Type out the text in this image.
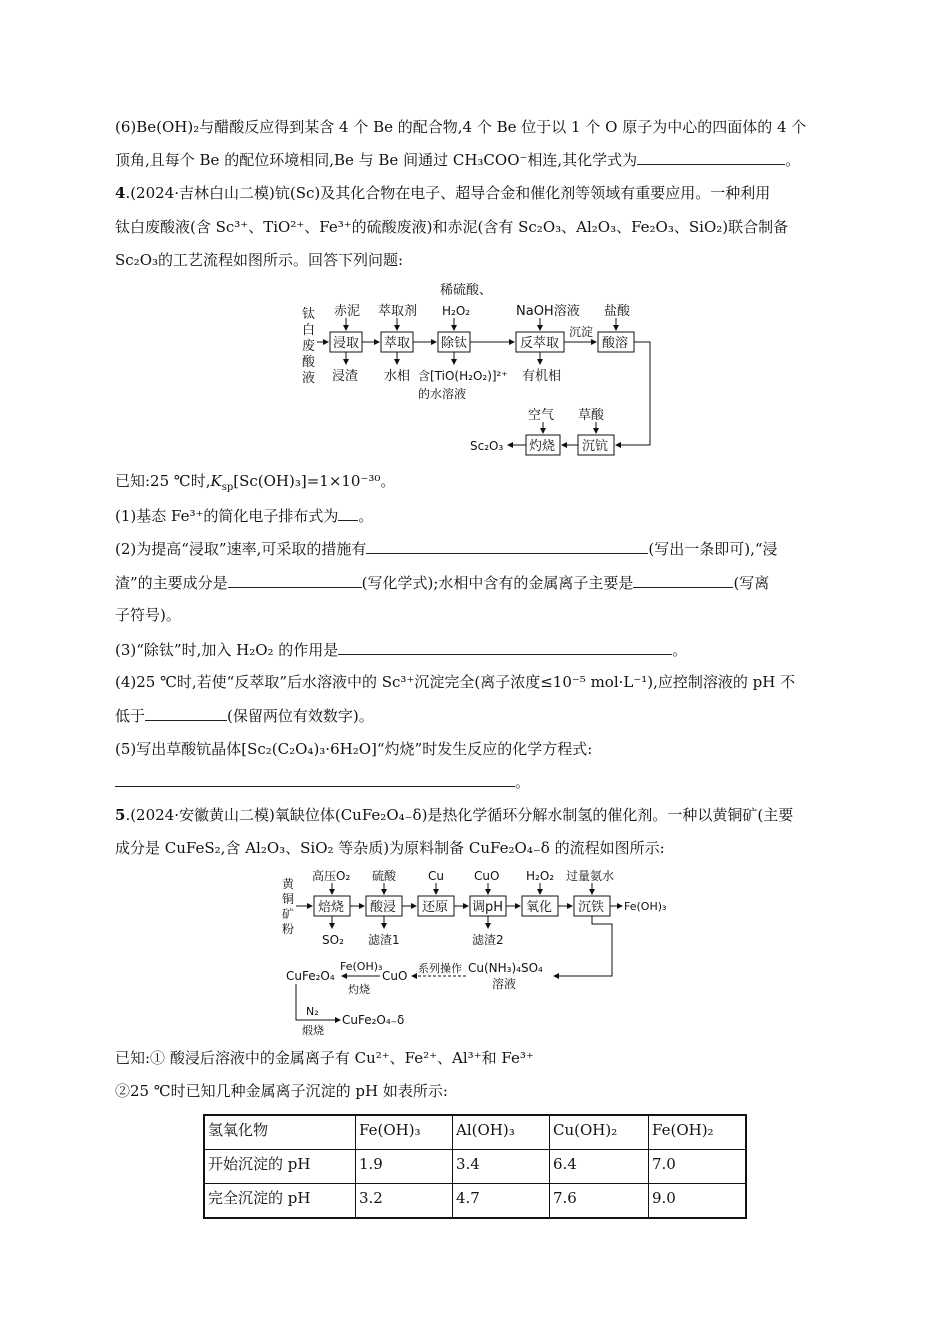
(6)Be(OH)₂与醋酸反应得到某含 4 个 Be 的配合物,4 个 Be 位于以 1 个 O 原子为中心的四面体的 4 个
顶角,且每个 Be 的配位环境相同,Be 与 Be 间通过 CH₃COO⁻相连,其化学式为	。
4.(2024·吉林白山二模)钪(Sc)及其化合物在电子、超导合金和催化剂等领域有重要应用。一种利用
钛白废酸液(含 Sc³⁺、TiO²⁺、Fe³⁺的硫酸废液)和赤泥(含有 Sc₂O₃、Al₂O₃、Fe₂O₃、SiO₂)联合制备
Sc₂O₃的工艺流程如图所示。回答下列问题:
钛
白
废
酸
液
浸取 萃取 除钛	反萃取
沉淀
酸溶
沉钪
灼烧
Sc₂O₃
赤泥 萃取剂
稀硫酸、
H₂O₂	NaOH溶液 盐酸
空气 草酸
浸渣 水相 含[TiO(H₂O₂)]²⁺
的水溶液
有机相
已知:25 ℃时$,K_{sp}[Sc(OH)_3]=1\times 10^{-30}$。
(1)基态 Fe³⁺的简化电子排布式为 。
(2)为提高“浸取”速率,可采取的措施有	(写出一条即可),“浸
渣”的主要成分是	(写化学式);水相中含有的金属离子主要是	(写离
子符号)。
(3)“除钛”时,加入 H₂O₂ 的作用是	。
(4)25 ℃时,若使“反萃取”后水溶液中的 Sc³⁺沉淀完全(离子浓度≤10⁻⁵ mol·L⁻¹),应控制溶液的 pH 不
低于	(保留两位有效数字)。
(5)写出草酸钪晶体[Sc₂(C₂O₄)₃·6H₂O]“灼烧”时发生反应的化学方程式:
。
5.(2024·安徽黄山二模)氧缺位体(CuFe₂O₄₋δ)是热化学循环分解水制氢的催化剂。一种以黄铜矿(主要
成分是 CuFeS₂,含 Al₂O₃、SiO₂ 等杂质)为原料制备 CuFe₂O₄₋δ 的流程如图所示:
黄
铜
矿
粉
焙烧 酸浸 还原 调pH 氧化 沉铁 Fe(OH)₃
高压O₂ 硫酸	Cu	CuO H₂O₂ 过量氨水
SO₂ 滤渣1	滤渣2
Cu(NH₃)₄SO₄
溶液
系列操作
CuO
Fe(OH)₃
灼烧
CuFe₂O₄
N₂
煅烧
CuFe₂O₄₋δ
已知:① 酸浸后溶液中的金属离子有 Cu²⁺、Fe²⁺、Al³⁺和 Fe³⁺
②25 ℃时已知几种金属离子沉淀的 pH 如表所示:
氢氧化物	Fe(OH)₃	Al(OH)₃	Cu(OH)₂	Fe(OH)₂
开始沉淀的 pH	1.9	3.4	6.4	7.0
完全沉淀的 pH	3.2	4.7	7.6	9.0
